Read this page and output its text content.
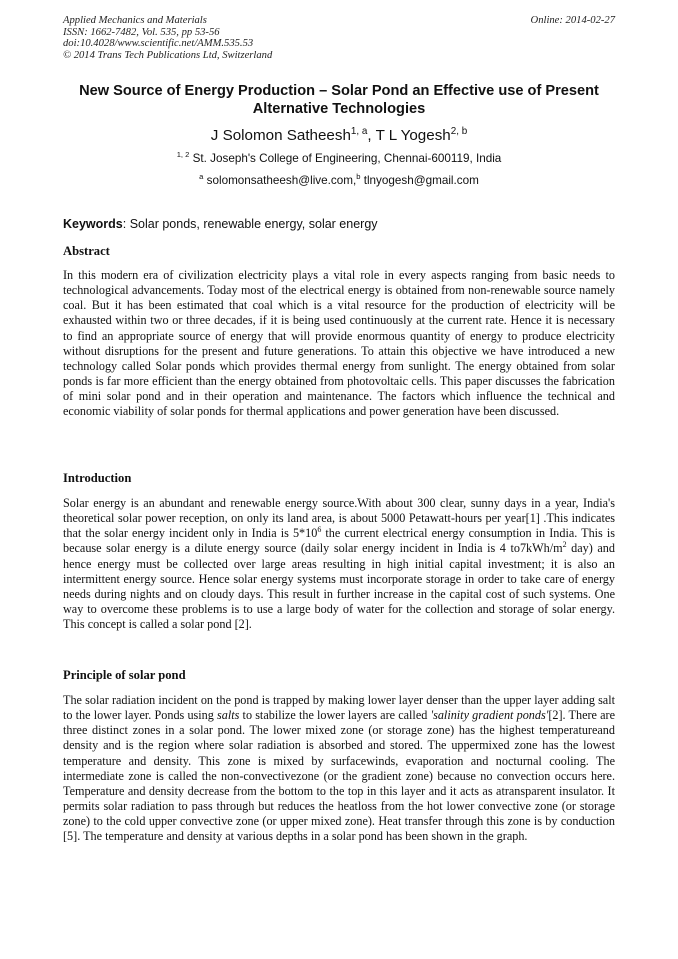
Applied Mechanics and Materials
ISSN: 1662-7482, Vol. 535, pp 53-56
doi:10.4028/www.scientific.net/AMM.535.53
© 2014 Trans Tech Publications Ltd, Switzerland
Online: 2014-02-27
New Source of Energy Production – Solar Pond an Effective use of Present Alternative Technologies
J Solomon Satheesh$^{1, a}$, T L Yogesh$^{2, b}$
$^{1, 2}$ St. Joseph's College of Engineering, Chennai-600119, India
$^a$ solomonsatheesh@live.com,$^b$ tlnyogesh@gmail.com
Keywords: Solar ponds, renewable energy, solar energy
Abstract
In this modern era of civilization electricity plays a vital role in every aspects ranging from basic needs to technological advancements. Today most of the electrical energy is obtained from non-renewable source namely coal. But it has been estimated that coal which is a vital resource for the production of electricity will be exhausted within two or three decades, if it is being used continuously at the current rate. Hence it is necessary to find an appropriate source of energy that will provide enormous quantity of energy to produce electricity without disruptions for the present and future generations. To attain this objective we have introduced a new technology called Solar ponds which provides thermal energy from sunlight. The energy obtained from solar ponds is far more efficient than the energy obtained from photovoltaic cells. This paper discusses the fabrication of mini solar pond and in their operation and maintenance. The factors which influence the technical and economic viability of solar ponds for thermal applications and power generation have been discussed.
Introduction
Solar energy is an abundant and renewable energy source.With about 300 clear, sunny days in a year, India's theoretical solar power reception, on only its land area, is about 5000 Petawatt-hours per year[1] .This indicates that the solar energy incident only in India is $5*10^6$ the current electrical energy consumption in India. This is because solar energy is a dilute energy source (daily solar energy incident in India is 4 $to7kWh/m^2$ day) and hence energy must be collected over large areas resulting in high initial capital investment; it is also an intermittent energy source. Hence solar energy systems must incorporate storage in order to take care of energy needs during nights and on cloudy days. This result in further increase in the capital cost of such systems. One way to overcome these problems is to use a large body of water for the collection and storage of solar energy. This concept is called a solar pond [2].
Principle of solar pond
The solar radiation incident on the pond is trapped by making lower layer denser than the upper layer adding salt to the lower layer. Ponds using salts to stabilize the lower layers are called 'salinity gradient ponds'[2]. There are three distinct zones in a solar pond. The lower mixed zone (or storage zone) has the highest temperatureand density and is the region where solar radiation is absorbed and stored. The uppermixed zone has the lowest temperature and density. This zone is mixed by surfacewinds, evaporation and nocturnal cooling. The intermediate zone is called the non-convectivezone (or the gradient zone) because no convection occurs here. Temperature and density decrease from the bottom to the top in this layer and it acts as atransparent insulator. It permits solar radiation to pass through but reduces the heatloss from the hot lower convective zone (or storage zone) to the cold upper convective zone (or upper mixed zone). Heat transfer through this zone is by conduction [5]. The temperature and density at various depths in a solar pond has been shown in the graph.
